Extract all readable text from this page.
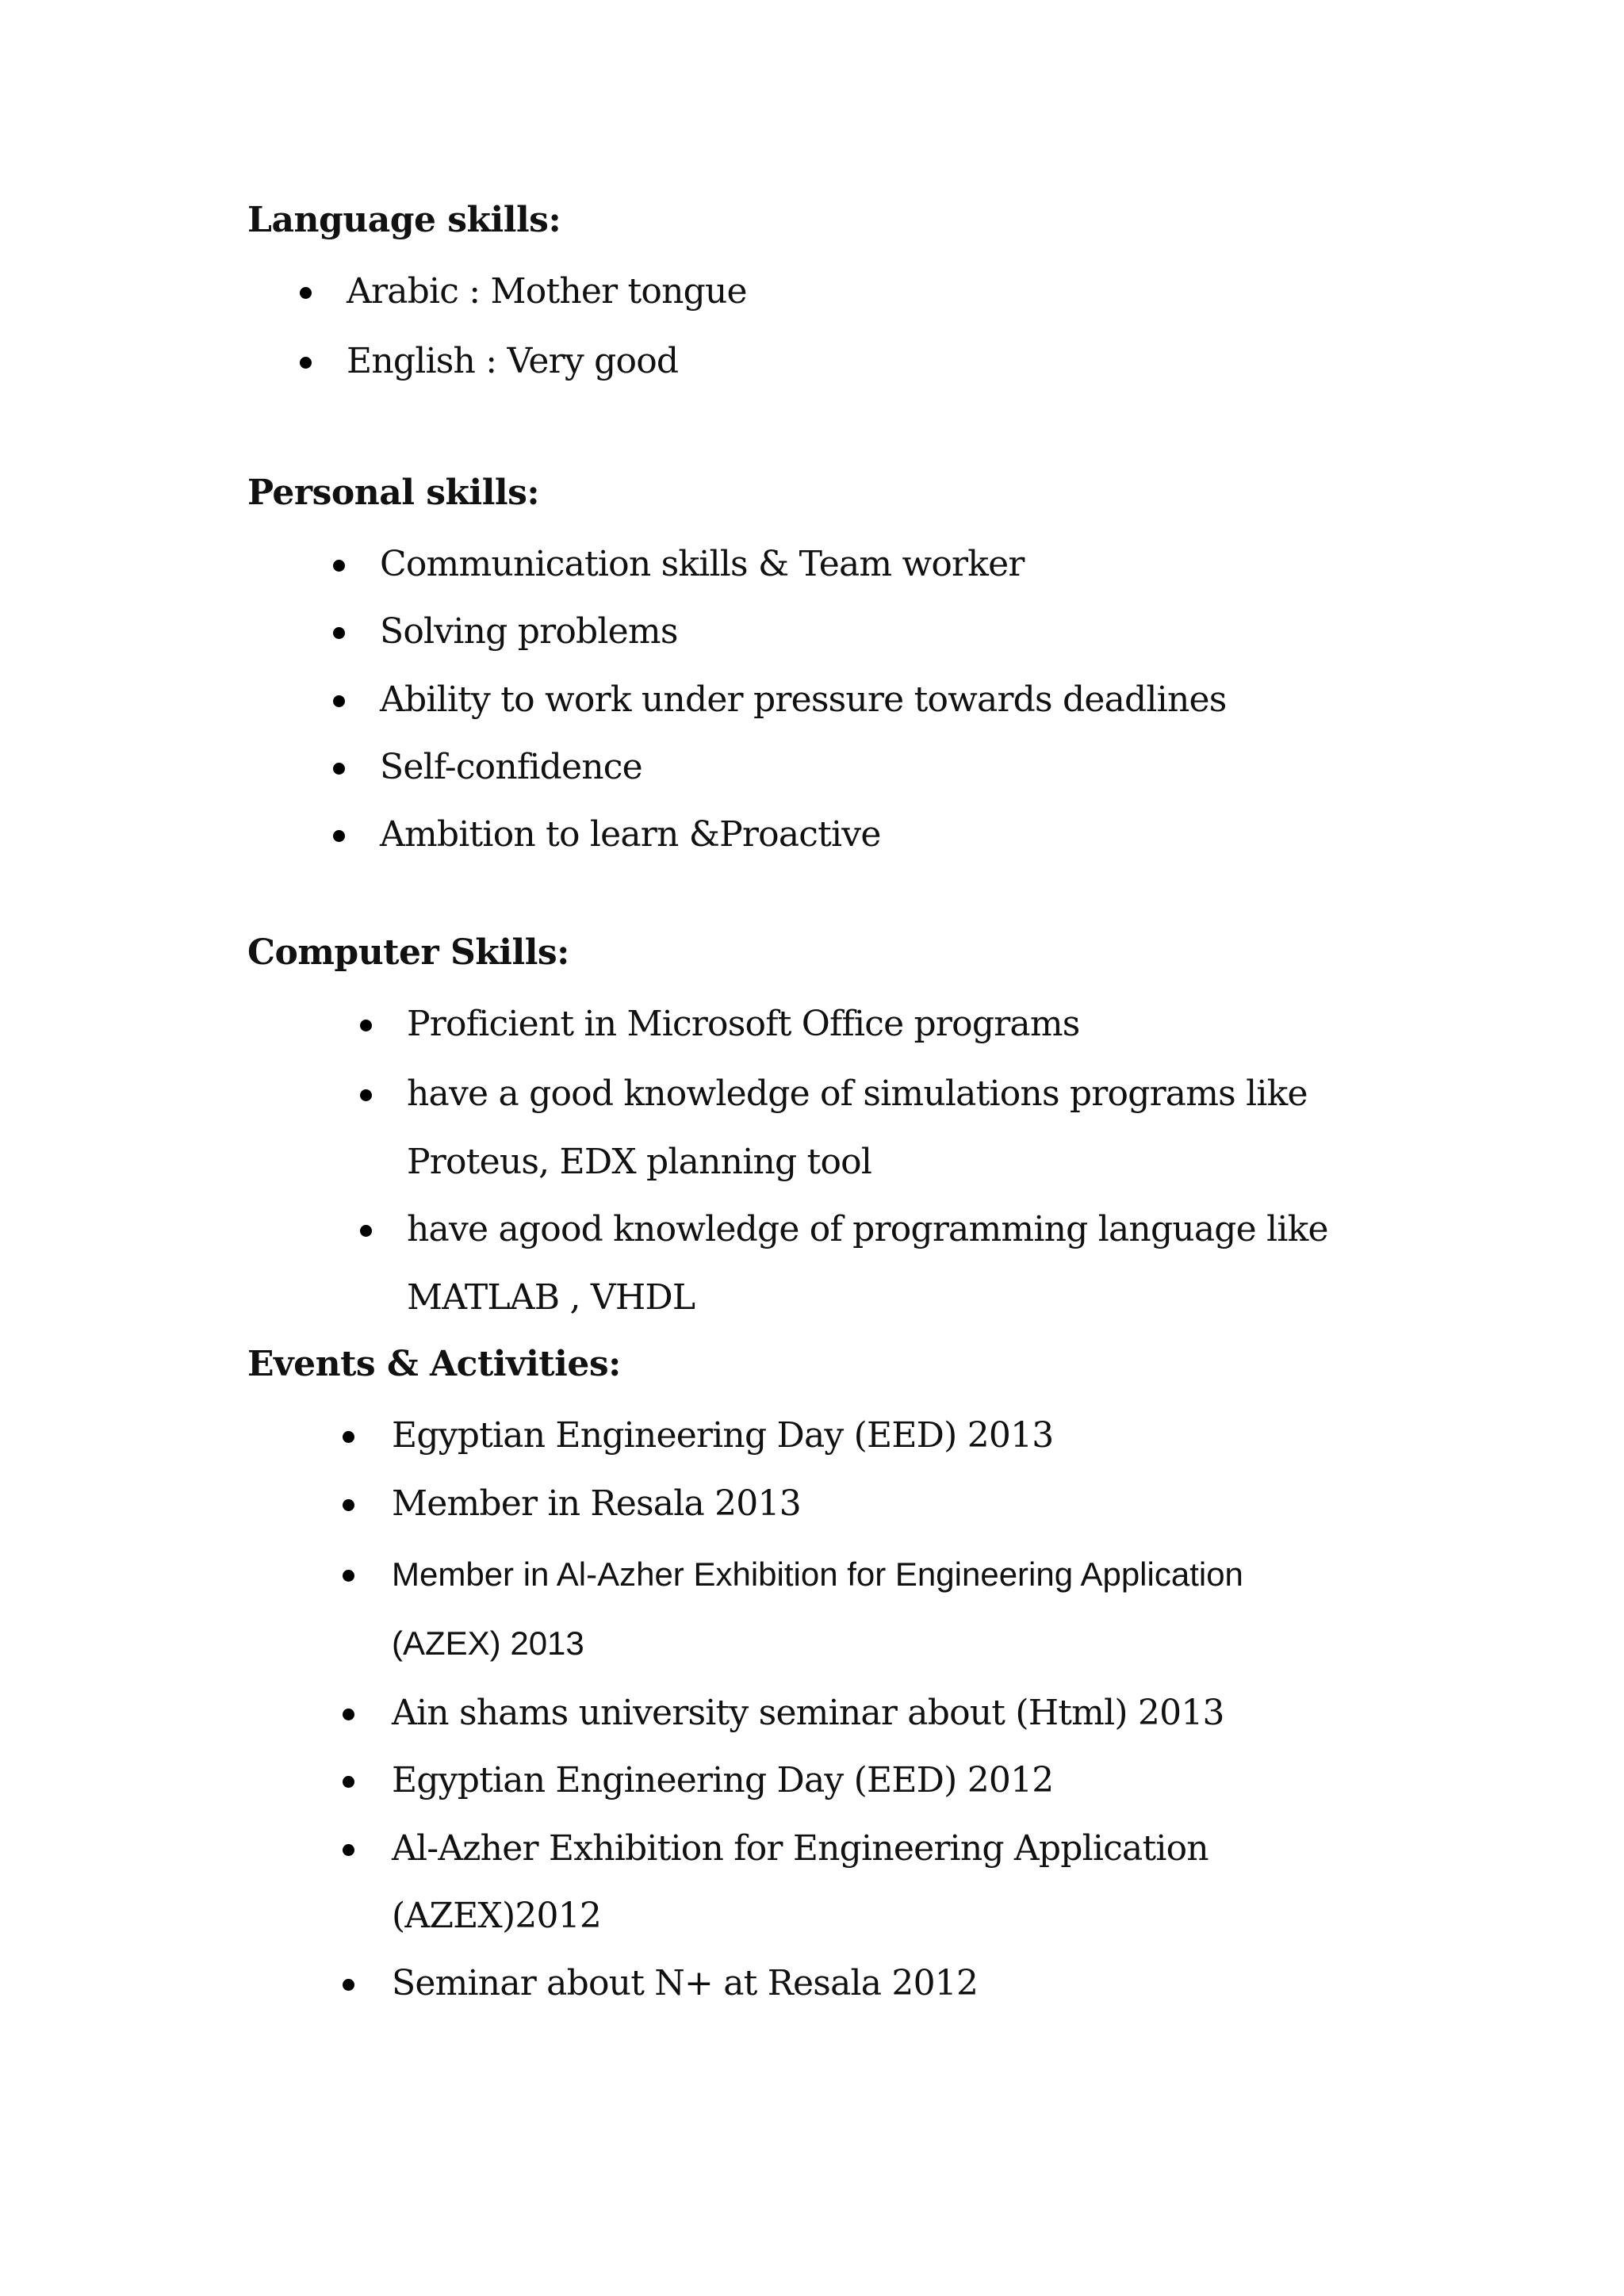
Language skills:
Arabic : Mother tongue
English : Very good
Personal skills:
Communication skills & Team worker
Solving problems
Ability to work under pressure towards deadlines
Self-confidence
Ambition to learn &Proactive
Computer Skills:
Proficient in Microsoft Office programs
have a good knowledge of simulations programs like
Proteus, EDX planning tool
have agood knowledge of programming language like
MATLAB , VHDL
Events & Activities:
Egyptian Engineering Day (EED) 2013
Member in Resala 2013
Member in Al-Azher Exhibition for Engineering Application
(AZEX) 2013
Ain shams university seminar about (Html) 2013
Egyptian Engineering Day (EED) 2012
Al-Azher Exhibition for Engineering Application
(AZEX)2012
Seminar about N+ at Resala 2012
